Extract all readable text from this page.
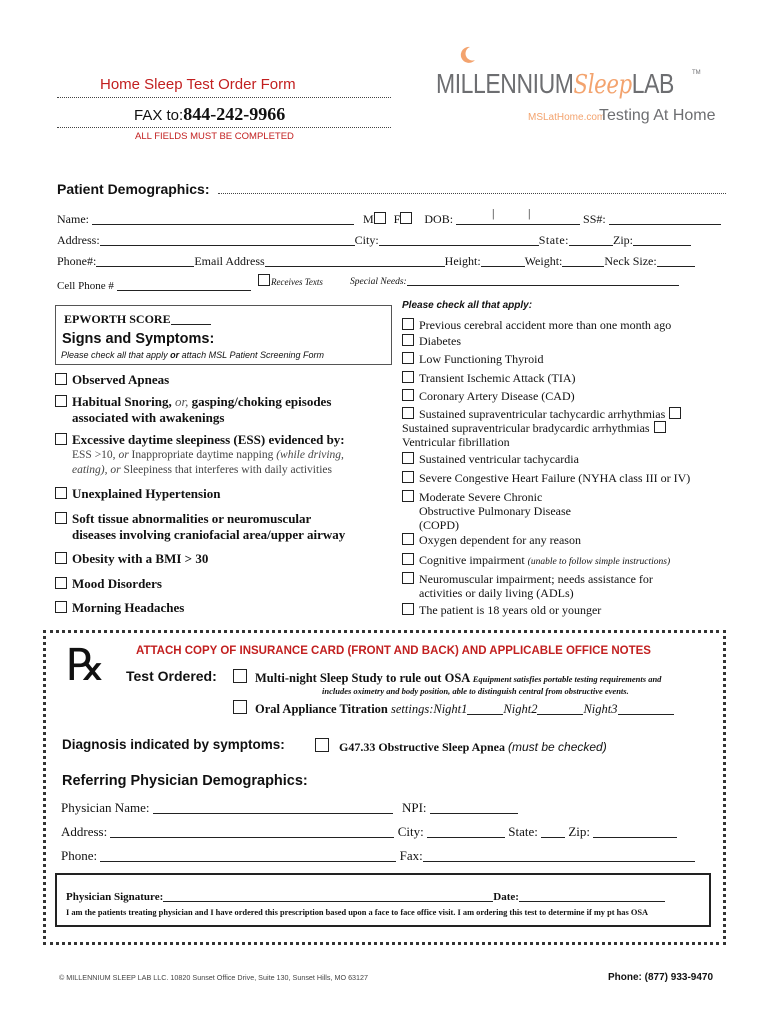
Home Sleep Test Order Form
FAX to:844-242-9966
ALL FIELDS MUST BE COMPLETED
MILLENNIUMSleepLAB	TM
MSLatHome.com
Testing At Home
Patient Demographics:
Name:	M F DOB:	|	|	SS#:
Address:	City:	State:	Zip:
Phone#:	Email Address	Height:	Weight:	Neck Size:
Cell Phone #	Receives Texts	Special Needs:
EPWORTH SCORE
Signs and Symptoms:
Please check all that apply or attach MSL Patient Screening Form
Observed Apneas
Habitual Snoring, or, gasping/choking episodes
associated with awakenings
Excessive daytime sleepiness (ESS) evidenced by:
ESS >10, or Inappropriate daytime napping (while driving,
eating), or Sleepiness that interferes with daily activities
Unexplained Hypertension
Soft tissue abnormalities or neuromuscular
diseases involving craniofacial area/upper airway
Obesity with a BMI > 30
Mood Disorders
Morning Headaches
Please check all that apply:
Previous cerebral accident more than one month ago
Diabetes
Low Functioning Thyroid
Transient Ischemic Attack (TIA)
Coronary Artery Disease (CAD)
Sustained supraventricular tachycardic arrhythmias
Sustained supraventricular bradycardic arrhythmias
Ventricular fibrillation
Sustained ventricular tachycardia
Severe Congestive Heart Failure (NYHA class III or IV)
Moderate Severe Chronic
Obstructive Pulmonary Disease
(COPD)
Oxygen dependent for any reason
Cognitive impairment (unable to follow simple instructions)
Neuromuscular impairment; needs assistance for
activities or daily living (ADLs)
The patient is 18 years old or younger
ATTACH COPY OF INSURANCE CARD (FRONT AND BACK) AND APPLICABLE OFFICE NOTES
℞ Test Ordered:	Multi-night Sleep Study to rule out OSA Equipment satisfies portable testing requirements and
includes oximetry and body position, able to distinguish central from obstructive events.
Oral Appliance Titration settings:Night1	Night2	Night3
Diagnosis indicated by symptoms:	G47.33 Obstructive Sleep Apnea (must be checked)
Referring Physician Demographics:
Physician Name:	NPI:
Address:	City:	State: Zip:
Phone:	Fax:
Physician Signature:	Date:
I am the patients treating physician and I have ordered this prescription based upon a face to face office visit. I am ordering this test to determine if my pt has OSA
© MILLENNIUM SLEEP LAB LLC. 10820 Sunset Office Drive, Suite 130, Sunset Hills, MO 63127	Phone: (877) 933-9470
